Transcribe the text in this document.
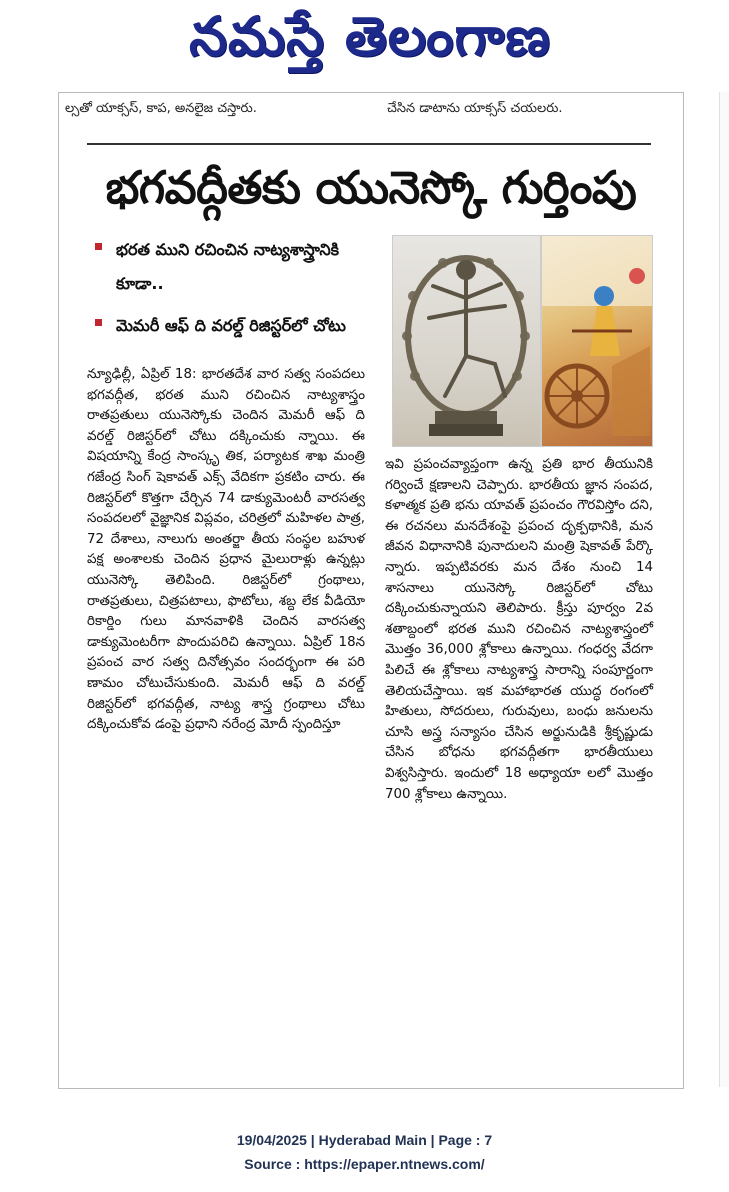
నమస్తే తెలంగాణ
ల్సతో యాక్సస్, కాప, అనలైజ చస్తారు.	చేసిన డాటాను యాక్సస్ చయలరు.
భగవద్గీతకు యునెస్కో గుర్తింపు
భరత ముని రచించిన నాట్యశాస్త్రానికి కూడా..
మెమరీ ఆఫ్ ది వరల్డ్ రిజిస్టర్‌లో చోటు

న్యూఢిల్లీ, ఏప్రిల్ 18: భారతదేశ వార సత్వ సంపదలు భగవద్గీత, భరత ముని రచించిన నాట్యశాస్త్రం రాతప్రతులు యునెస్కోకు చెందిన మెమరీ ఆఫ్ ది వరల్డ్ రిజిస్టర్‌లో చోటు దక్కించుకు న్నాయి. ఈ విషయాన్ని కేంద్ర సాంస్కృ తిక, పర్యాటక శాఖ మంత్రి గజేంద్ర సింగ్ షెకావత్ ఎక్స్ వేదికగా ప్రకటిం చారు. ఈ రిజిస్టర్‌లో కొత్తగా చేర్చిన 74 డాక్యుమెంటరీ వారసత్వ సంపదలలో వైజ్ఞానిక విప్లవం, చరిత్రలో మహిళల పాత్ర, 72 దేశాలు, నాలుగు అంతర్జా తీయ సంస్థల బహుళ పక్ష అంశాలకు చెందిన ప్రధాన మైలురాళ్లు ఉన్నట్లు యునెస్కో తెలిపింది. రిజిస్టర్‌లో గ్రంథాలు, రాతప్రతులు, చిత్రపటాలు, ఫొటోలు, శబ్ద లేక వీడియో రికార్డిం గులు మానవాళికి చెందిన వారసత్వ డాక్యుమెంటరీగా పొందుపరిచి ఉన్నాయి. ఏప్రిల్ 18న ప్రపంచ వార సత్వ దినోత్సవం సందర్భంగా ఈ పరి ణామం చోటుచేసుకుంది. మెమరీ ఆఫ్ ది వరల్డ్ రిజిస్టర్‌లో భగవద్గీత, నాట్య శాస్త్ర గ్రంథాలు చోటు దక్కించుకోవ డంపై ప్రధాని నరేంద్ర మోదీ స్పందిస్తూ

ఇవి ప్రపంచవ్యాప్తంగా ఉన్న ప్రతి భార తీయునికి గర్వించే క్షణాలని చెప్పారు. భారతీయ జ్ఞాన సంపద, కళాత్మక ప్రతి భను యావత్ ప్రపంచం గౌరవిస్తోం దని, ఈ రచనలు మనదేశంపై ప్రపంచ దృక్పథానికి, మన జీవన విధానానికి పునాదులని మంత్రి షెకావత్ పేర్కొ న్నారు. ఇప్పటివరకు మన దేశం నుంచి 14 శాసనాలు యునెస్కో రిజిస్టర్‌లో చోటు దక్కించుకున్నాయని తెలిపారు. క్రీస్తు పూర్వం 2వ శతాబ్దంలో భరత ముని రచించిన నాట్యశాస్త్రంలో మొత్తం 36,000 శ్లోకాలు ఉన్నాయి. గంధర్వ వేదగా పిలిచే ఈ శ్లోకాలు నాట్యశాస్త్ర సారాన్ని సంపూర్ణంగా తెలియచేస్తాయి. ఇక మహాభారత యుద్ధ రంగంలో హితులు, సోదరులు, గురువులు, బంధు జనులను చూసి అస్త్ర సన్యాసం చేసిన అర్జునుడికి శ్రీకృష్ణుడు చేసిన బోధను భగవద్గీతగా భారతీయులు విశ్వసిస్తారు. ఇందులో 18 అధ్యాయా లలో మొత్తం 700 శ్లోకాలు ఉన్నాయి.

19/04/2025 | Hyderabad Main | Page : 7
Source : https://epaper.ntnews.com/
